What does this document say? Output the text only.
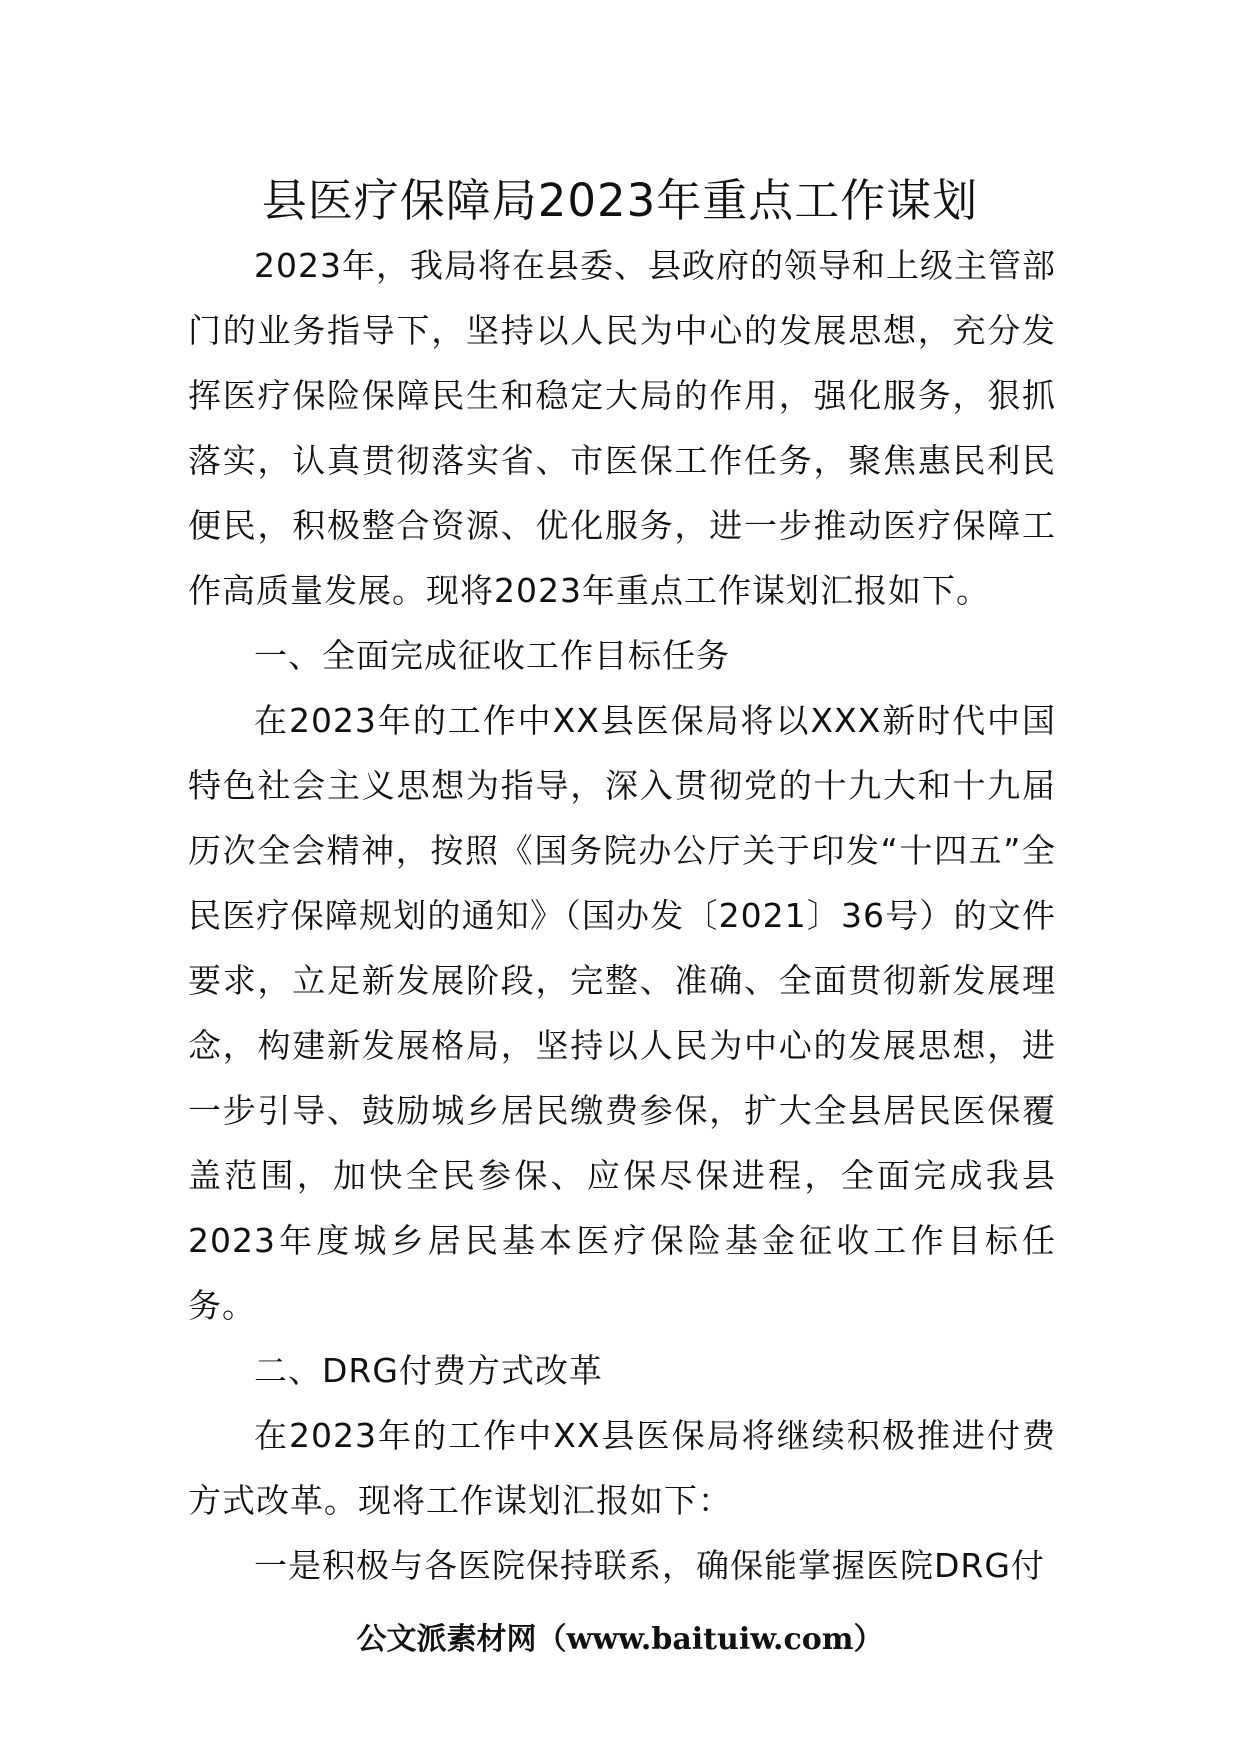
县医疗保障局2023年重点工作谋划

2023年，我局将在县委、县政府的领导和上级主管部门的业务指导下，坚持以人民为中心的发展思想，充分发挥医疗保险保障民生和稳定大局的作用，强化服务，狠抓落实，认真贯彻落实省、市医保工作任务，聚焦惠民利民便民，积极整合资源、优化服务，进一步推动医疗保障工作高质量发展。现将2023年重点工作谋划汇报如下。

一、全面完成征收工作目标任务

在2023年的工作中XX县医保局将以XXX新时代中国特色社会主义思想为指导，深入贯彻党的十九大和十九届历次全会精神，按照《国务院办公厅关于印发“十四五”全民医疗保障规划的通知》（国办发〔2021〕36号）的文件要求，立足新发展阶段，完整、准确、全面贯彻新发展理念，构建新发展格局，坚持以人民为中心的发展思想，进一步引导、鼓励城乡居民缴费参保，扩大全县居民医保覆盖范围，加快全民参保、应保尽保进程，全面完成我县2023年度城乡居民基本医疗保险基金征收工作目标任务。

二、DRG付费方式改革

在2023年的工作中XX县医保局将继续积极推进付费方式改革。现将工作谋划汇报如下：

一是积极与各医院保持联系，确保能掌握医院DRG付

公文派素材网（www.baituiw.com）
